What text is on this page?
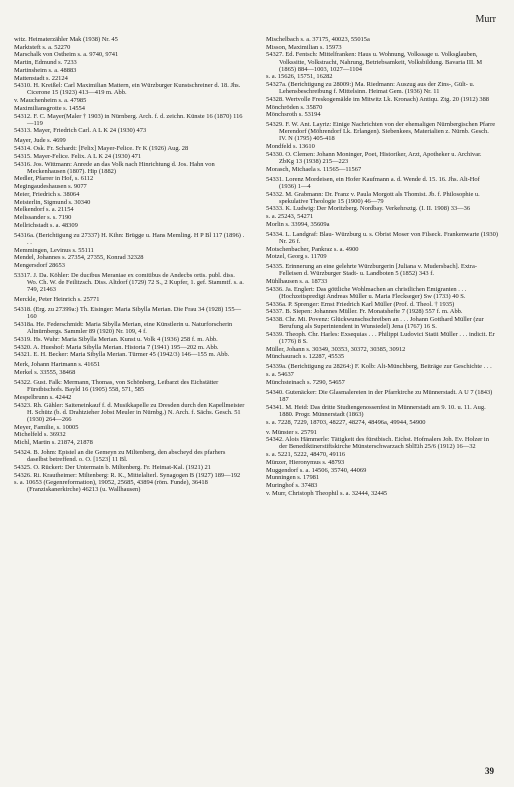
Murr
witz. Heimaterzähler Mak (1938) Nr. 45
Marktsteft s. a. 52270
Marschalk von Ostheim s. a. 9740, 9741
Martin, Edmund s. 7233
Martinsheim s. a. 48883
Mattenstadt s. 22124
54310. H. Kreißel: Carl Maximilian Mattern, ein Würzburger Kunstschreiner d. 18. Jhs. Cicerone 15 (1923) 413—419 m. Abb.
v. Mauchenheim s. a. 47985
Maximiliansgrotte s. 14554
54312. F. C. Mayer(Maler † 1903) in Nürnberg. Arch. f. d. zeichn. Künste 16 (1870) 116—119
54313. Mayer, Friedrich Carl. A L K 24 (1930) 473
Mayer, Jude s. 4699
54314. Osk. Fr. Schardt: [Felix] Mayer-Felice. Fr K (1926) Aug. 28
54315. Mayer-Felice. Felix. A L K 24 (1930) 471
54316. Jos. Wittmann: Anrede an das Volk nach Hinrichtung d. Jos. Hahn von Meckenhausen (1807). Hip (1882)
Medler, Pfarrer in Hof, s. 6112
Megingaudeshausen s. 9077
Meier, Friedrich s. 38064
Meisterlin, Sigmund s. 30340
Melkendorf s. a. 21154
Melissander s. s. 7190
Mellrichstadt s. a. 48309
54316a. (Berichtigung zu 27337) H. Kihn: Brügge u. Hans Memling. H P Bl 117 (1896) . . .
Memmingen, Levinus s. 55111
Mendel, Johannes s. 27354, 27355, Konrad 32328
Mengersdorf 28653
53317. J. Da. Köhler: De ducibus Meraniae ex comitibus de Andecbs ortis. publ. diss. Wo. Ch. W. de Feilitzsch. Diss. Altdorf (1729) 72 S., 2 Kupfer, 1. gef. Stammtf. s. a. 749, 21463
Merckle, Peter Heinrich s. 25771
54318. (Erg. zu 27399a:) Th. Eisinger: Maria Sibylla Merian. Die Frau 34 (1928) 155—160
54318a. He. Federschmidt: Maria Sibylla Merian, eine Künstlerin u. Naturforscherin Altnürnbergs. Sammler 89 (1920) Nr. 109, 4 f.
54319. Hs. Wuhr: Maria Sibylla Merian. Kunst u. Volk 4 (1936) 258 f. m. Abb.
54320. A. Hueshof: Maria Sibylla Merian. Historia 7 (1941) 195—202 m. Abb.
54321. E. H. Becker: Maria Sibylla Merian. Türmer 45 (1942/3) 146—155 m. Abb.
Merk, Johann Hartmann s. 41651
Merkel s. 33555, 38468
54322. Gust. Falk: Mermann, Thomas, von Schönberg, Leibarzt des Eichstätter Fürstbischofs. Bayld 16 (1905) 558, 571, 585
Mespelbrunn s. 42442
54323. Rh. Gähler: Saiteneinkauf f. d. Musikkapelle zu Dresden durch den Kapellmeister H. Schütz (b. d. Drahtzieher Jobst Meuler in Nürnbg.) N. Arch. f. Sächs. Gesch. 51 (1930) 264—266
Meyer, Familie, s. 10005
Michelfeld s. 36932
Michl, Martin s. 21874, 21878
54324. B. Johm: Epistel an die Gemeyn zu Miltenberg, den abscheyd des pfarhers daselbst betreffend. o. O. [1523] 11 Bl.
54325. O. Rückert: Der Untermain b. Miltenberg. Fr. Heimat-Kal. (1921) 21
54326. Ri. Krautheimer: Miltenberg: R. K., Mittelalterl. Synagogen B (1927) 189—192
s. a. 10653 (Gegenreformation), 19052, 25685, 43894 (röm. Funde), 36418 (Franziskanerkirche) 46213 (u. Wallhausen)
Mischelbach s. a. 37175, 40023, 55015a
Misson, Maximilian s. 15973
54327. Ed. Fentsch: Mittelfranken: Haus u. Wohnung, Volkssage u. Volksglauben, Volkssitte, Volkstracht, Nahrung, Betriebsamkeit, Volksbildung. Bavaria III. M (1865) 884—1003, 1027—1104
s. a. 15626, 15751, 16282
54327a. (Berichtigung zu 28009:) Ma. Riedmann: Auszug aus der Zins-, Gült- u. Lehensbeschreibung f. Mittelsinn. Heimat Gem. (1936) Nr. 11
54328. Wertvolle Freskogemälde im Mitwitz Lk. Kronach) Antiqu. Ztg. 20 (1912) 388
Mönchröden s. 35870
Mönchsroth s. 53194
54329. F. W. Ant. Layriz: Einige Nachrichten von der ehemaligen Nürnbergischen Pfarre Merendorf (Möhrendorf Lk. Erlangen). Siebenkees, Materialien z. Nürnb. Gesch. IV. N (1795) 405-418
Mondfeld s. 13610
54330. O. Clemen: Johann Moninger, Poet, Historiker, Arzt, Apotheker u. Archivar. ZbKg 13 (1938) 215—223
Morasch, Michaela s. 11565—11567
54331. Lorenz Mordeisen, ein Hofer Kaufmann a. d. Wende d. 15. 16. Jhs. Alt-Hof (1936) 1—4
54332. M. Grabmann: Dr. Franz v. Paula Morgott als Thomist. Jb. f. Philosophie u. spekulative Theologie 15 (1900) 46—79
54333. K. Ludwig: Der Moritzberg. Nordbay. Verkehrsztg. (I. II. 1908) 33—36
s. a. 25243, 54271
Morlin s. 33994, 35609a
54334. L. Landgraf: Blau- Würzburg u. s. Obrist Moser von Filseck. Frankenwarte (1930) Nr. 26 f.
Motschenbacher, Pankraz s. a. 4900
Motzel, Georg s. 11709
54335. Erinnerung an eine gelehrte Würzburgerin [Juliana v. Mudersbach]. Extra-Felleisen d. Würzburger Stadt- u. Landboten 5 (1852) 343 f.
Mühlhausen s. a. 18733
54336. Ja. Englert: Das göttliche Wohlmachen an christlichen Emigranten . . . (Hochzeitspredigt Andreas Müller u. Maria Fleckseger) Sw (1733) 40 S.
54336a. P. Sprenger: Ernst Friedrich Karl Müller (Prof. d. Theol. † 1935)
54337. B. Siepen: Johannes Müller. Fr. Monatshefte 7 (1928) 557 f. m. Abb.
54338. Chr. Mi. Povenz: Glückwunschschreiben an . . . Johann Gotthard Müller (zur Berufung als Superintendent in Wunsiedel) Jena (1767) 16 S.
54339. Theoph. Chr. Harles: Exsequias . . . Philippi Ludovici Statii Müller . . . indicit. Er (1776) 8 S.
Müller, Johann s. 30349, 30353, 30372, 30385, 30912
Münchaurach s. 12287, 45535
54339a. (Berichtigung zu 28264:) F. Kolb: Alt-Münchberg, Beiträge zur Geschichte . . .
s. a. 54637
Münchsteinach s. 7290, 54657
54340. Gutenäcker: Die Glasmalereien in der Pfarrkirche zu Münnerstadt. A U 7 (1843) 187
54341. M. Heid: Das dritte Studiengenossenfest in Münnerstadt am 9. 10. u. 11. Aug. 1880. Progr. Münnerstadt (1863)
s. a. 7228, 7229, 18703, 48227, 48274, 48496a, 49944, 54900
v. Münster s. 25791
54342. Alois Hämmerle: Tätigkeit des fürstbisch. Eichst. Hofmalers Joh. Ev. Holzer in der Benediktinerstiftskirche Münsterschwarzach SblEih 25/6 (1912) 16—32
s. a. 5221, 5222, 48470, 49116
Münzer, Hieronymus s. 48793
Muggendorf s. a. 14506, 35740, 44069
Munningen s. 17981
Muringhof s. 37483
v. Murr, Christoph Theophil s. a. 32444, 32445
39
